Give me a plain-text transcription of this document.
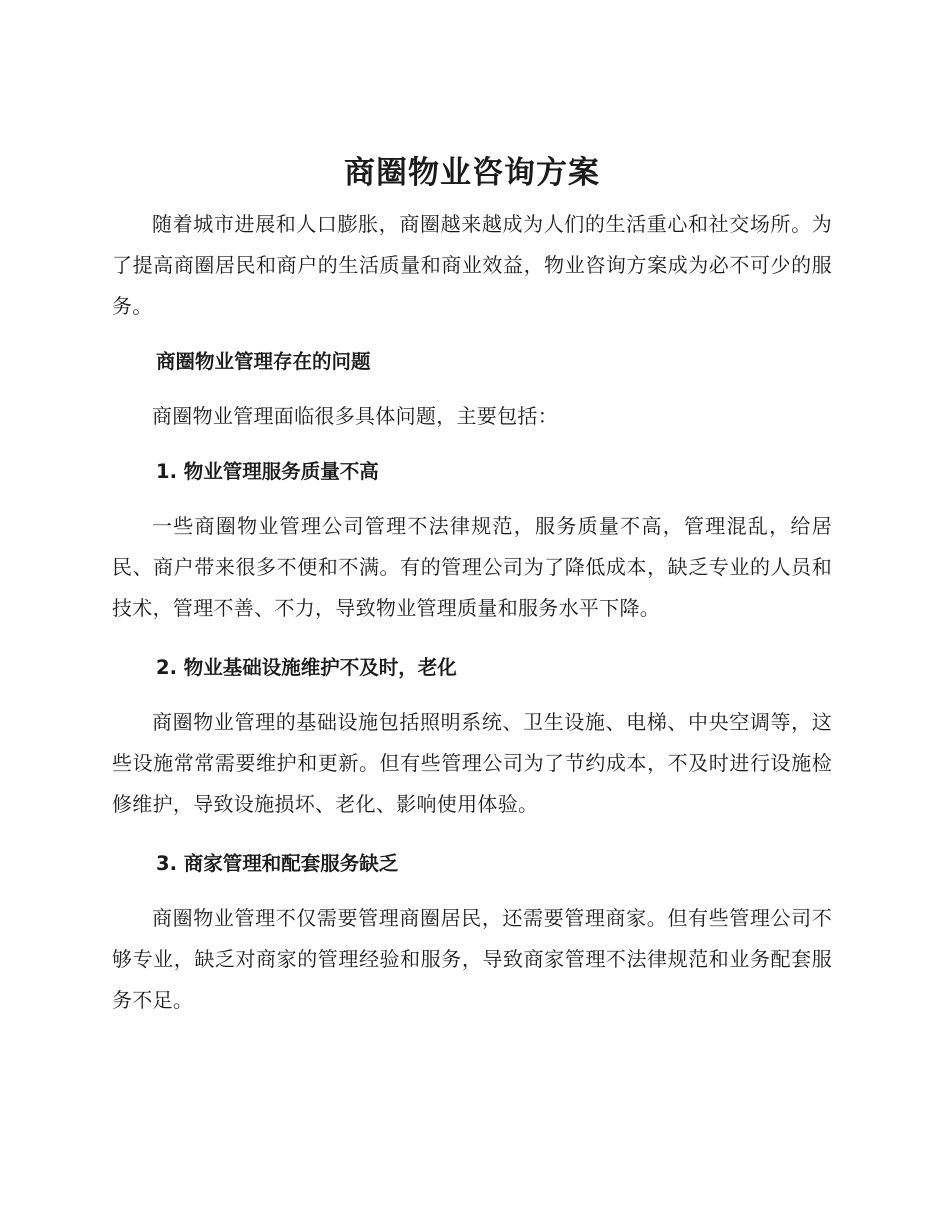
商圈物业咨询方案

随着城市进展和人口膨胀，商圈越来越成为人们的生活重心和社交场所。为了提高商圈居民和商户的生活质量和商业效益，物业咨询方案成为必不可少的服务。

商圈物业管理存在的问题

商圈物业管理面临很多具体问题，主要包括：

1. 物业管理服务质量不高

一些商圈物业管理公司管理不法律规范，服务质量不高，管理混乱，给居民、商户带来很多不便和不满。有的管理公司为了降低成本，缺乏专业的人员和技术，管理不善、不力，导致物业管理质量和服务水平下降。

2. 物业基础设施维护不及时，老化

商圈物业管理的基础设施包括照明系统、卫生设施、电梯、中央空调等，这些设施常常需要维护和更新。但有些管理公司为了节约成本，不及时进行设施检修维护，导致设施损坏、老化、影响使用体验。

3. 商家管理和配套服务缺乏

商圈物业管理不仅需要管理商圈居民，还需要管理商家。但有些管理公司不够专业，缺乏对商家的管理经验和服务，导致商家管理不法律规范和业务配套服务不足。
